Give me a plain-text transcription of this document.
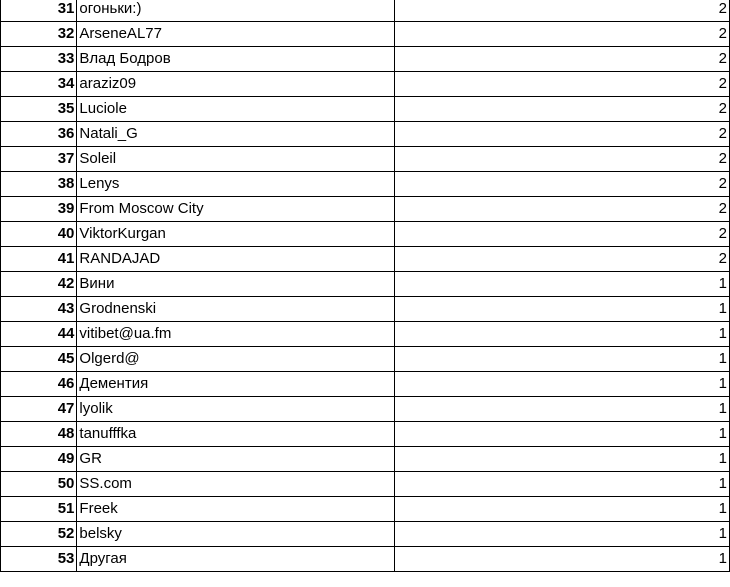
31	огоньки:)	2
32	ArseneAL77	2
33	Влад Бодров	2
34	araziz09	2
35	Luciole	2
36	Natali_G	2
37	Soleil	2
38	Lenys	2
39	From Moscow City	2
40	ViktorKurgan	2
41	RANDAJAD	2
42	Вини	1
43	Grodnenski	1
44	vitibet@ua.fm	1
45	Olgerd@	1
46	Дементия	1
47	lyolik	1
48	tanufffka	1
49	GR	1
50	SS.com	1
51	Freek	1
52	belsky	1
53	Другая	1
